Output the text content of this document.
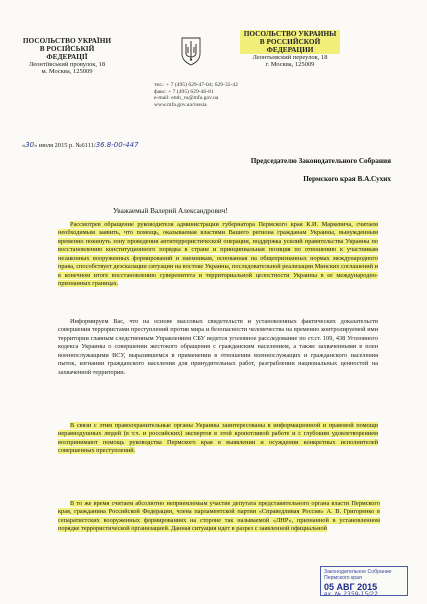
ПОСОЛЬСТВО УКРАЇНИ
В РОСІЙСЬКІЙ
ФЕДЕРАЦІЇ
Леонтіївський провулок, 18
м. Москва, 125009
ПОСОЛЬСТВО УКРАИНЫ
В РОССИЙСКОЙ
ФЕДЕРАЦИИ
Леонтьевский переулок, 18
г. Москва, 125009
тел.: + 7 (495) 629-47-04; 629-35-42
факс: + 7 (495) 629-46-81
e-mail: emb_ru@mfa.gov.ua
www.mfa.gov.ua/russia
«30» июля 2015 р. №6111/36.8-00-447
Председателю Законодательного Собрания
Пермского края В.А.Сухих
Уважаемый Валерий Александрович!

Рассмотрев обращение руководителя администрации губернатора Пермского края К.И. Маркевича, считаем необходимым заявить, что помощь, оказываемая властями Вашего региона гражданам Украины, вынужденным временно покинуть зону проведения антитеррористической операции, поддержка усилий правительства Украины по восстановлению конституционного порядка в стране и принципиальная позиция по отношению к участникам незаконных вооруженных формирований и наемникам, основанная на общепризнанных нормах международного права, способствует деэскалации ситуации на востоке Украины, последовательной реализации Минских соглашений и в конечном итоге восстановлению суверенитета и территориальной целостности Украины в ее международно-признанных границах.

Информируем Вас, что на основе массовых свидетельств и установленных фактических доказательств совершения террористами преступлений против мира и безопасности человечества на временно контролируемой ими территории главным следственным Управлением СБУ ведется уголовное расследование по ст.ст. 109, 438 Уголовного кодекса Украины о совершении жестокого обращения с гражданским населением, а также захваченными в плен военнослужащими ВСУ, выразившемся в применении в отношении военнослужащих и гражданского населения пыток, изгнании гражданского населения для принудительных работ, разграблении национальных ценностей на захваченной территории.

В связи с этим правоохранительные органы Украины заинтересованы в информационной и правовой помощи неравнодушных людей (в т.ч. и российских) экспертов в этой кропотливой работе и с глубоким удовлетворением воспринимают помощь руководства Пермского края в выявлении и осуждении конкретных исполнителей совершенных преступлений.

В то же время считаем абсолютно неприемлемым участие депутата представительного органа власти Пермского края, гражданина Российской Федерации, члена парламентской партии «Справедливая Россия» А. В. Григоренко в сепаратистских вооруженных формированиях на стороне так называемой «ЛНР», признанной в установленном порядке террористической организацией. Данная ситуация идет в разрез с заявленной официальной

Законодательное Собрание
Пермского края
05 АВГ 2015
вх. № 2359-15/22
